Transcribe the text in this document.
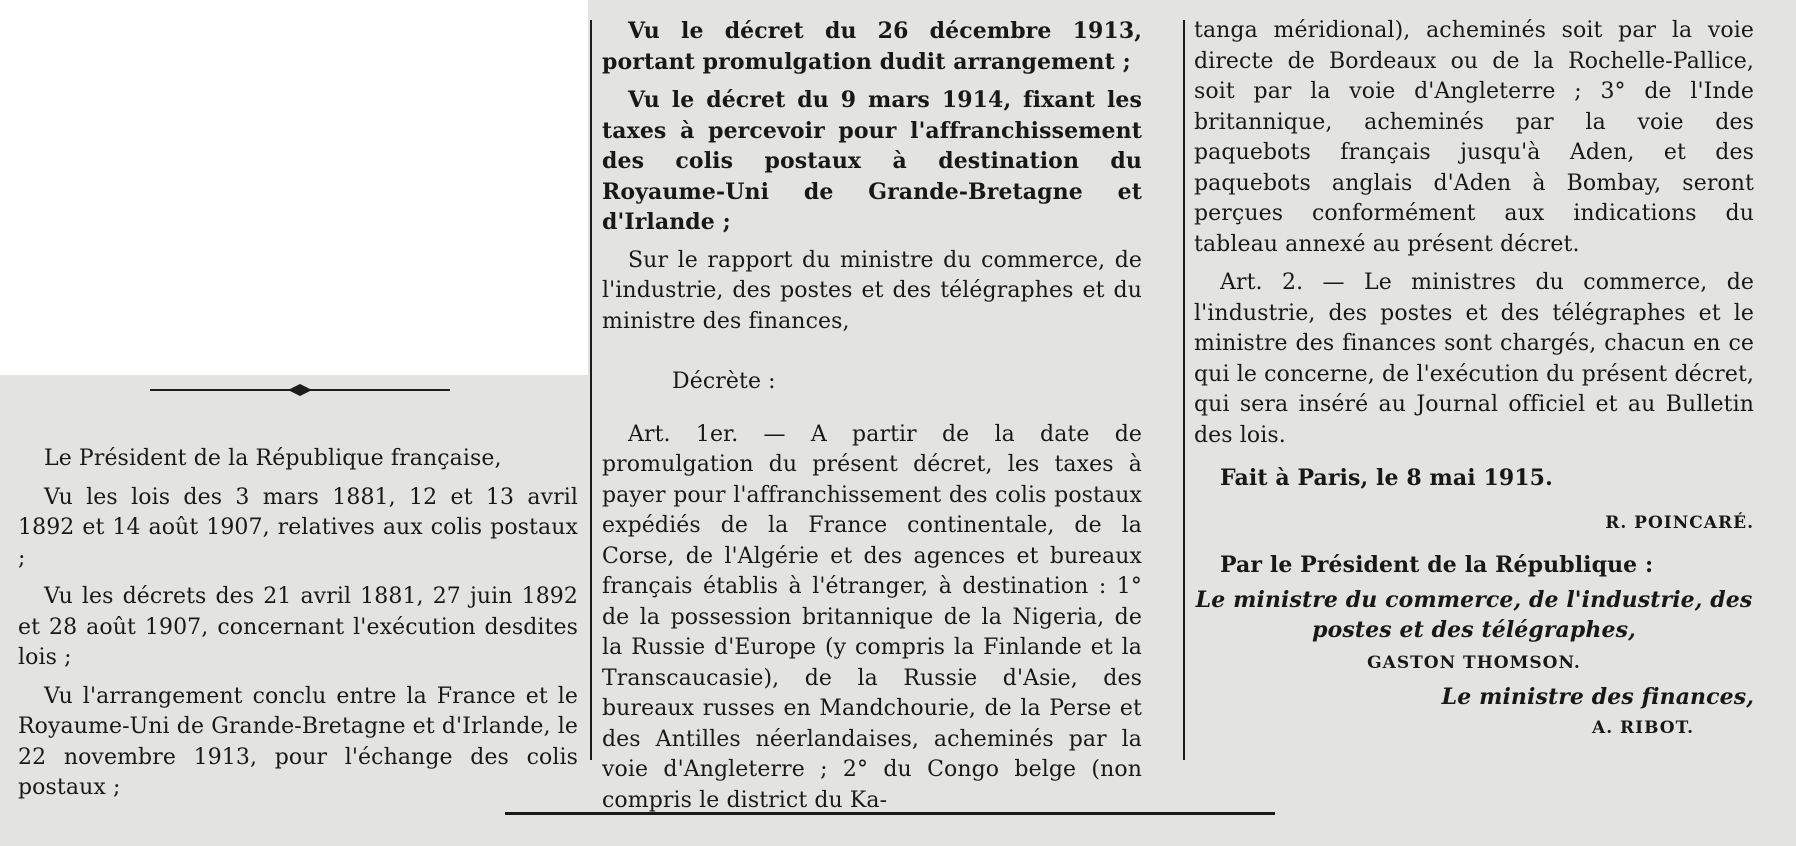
Le Président de la République française,

Vu les lois des 3 mars 1881, 12 et 13 avril 1892 et 14 août 1907, relatives aux colis postaux ;

Vu les décrets des 21 avril 1881, 27 juin 1892 et 28 août 1907, concernant l'exécution desdites lois ;

Vu l'arrangement conclu entre la France et le Royaume-Uni de Grande-Bretagne et d'Irlande, le 22 novembre 1913, pour l'échange des colis postaux ;

Vu le décret du 26 décembre 1913, portant promulgation dudit arrangement ;

Vu le décret du 9 mars 1914, fixant les taxes à percevoir pour l'affranchissement des colis postaux à destination du Royaume-Uni de Grande-Bretagne et d'Irlande ;

Sur le rapport du ministre du commerce, de l'industrie, des postes et des télégraphes et du ministre des finances,

Décrète :

Art. 1er. — A partir de la date de promulgation du présent décret, les taxes à payer pour l'affranchissement des colis postaux expédiés de la France continentale, de la Corse, de l'Algérie et des agences et bureaux français établis à l'étranger, à destination : 1° de la possession britannique de la Nigeria, de la Russie d'Europe (y compris la Finlande et la Transcaucasie), de la Russie d'Asie, des bureaux russes en Mandchourie, de la Perse et des Antilles néerlandaises, acheminés par la voie d'Angleterre ; 2° du Congo belge (non compris le district du Ka-

tanga méridional), acheminés soit par la voie directe de Bordeaux ou de la Rochelle-Pallice, soit par la voie d'Angleterre ; 3° de l'Inde britannique, acheminés par la voie des paquebots français jusqu'à Aden, et des paquebots anglais d'Aden à Bombay, seront perçues conformément aux indications du tableau annexé au présent décret.

Art. 2. — Le ministres du commerce, de l'industrie, des postes et des télégraphes et le ministre des finances sont chargés, chacun en ce qui le concerne, de l'exécution du présent décret, qui sera inséré au Journal officiel et au Bulletin des lois.

Fait à Paris, le 8 mai 1915.

R. POINCARÉ.

Par le Président de la République :

Le ministre du commerce, de l'industrie, des postes et des télégraphes,

GASTON THOMSON.

Le ministre des finances,

A. RIBOT.
